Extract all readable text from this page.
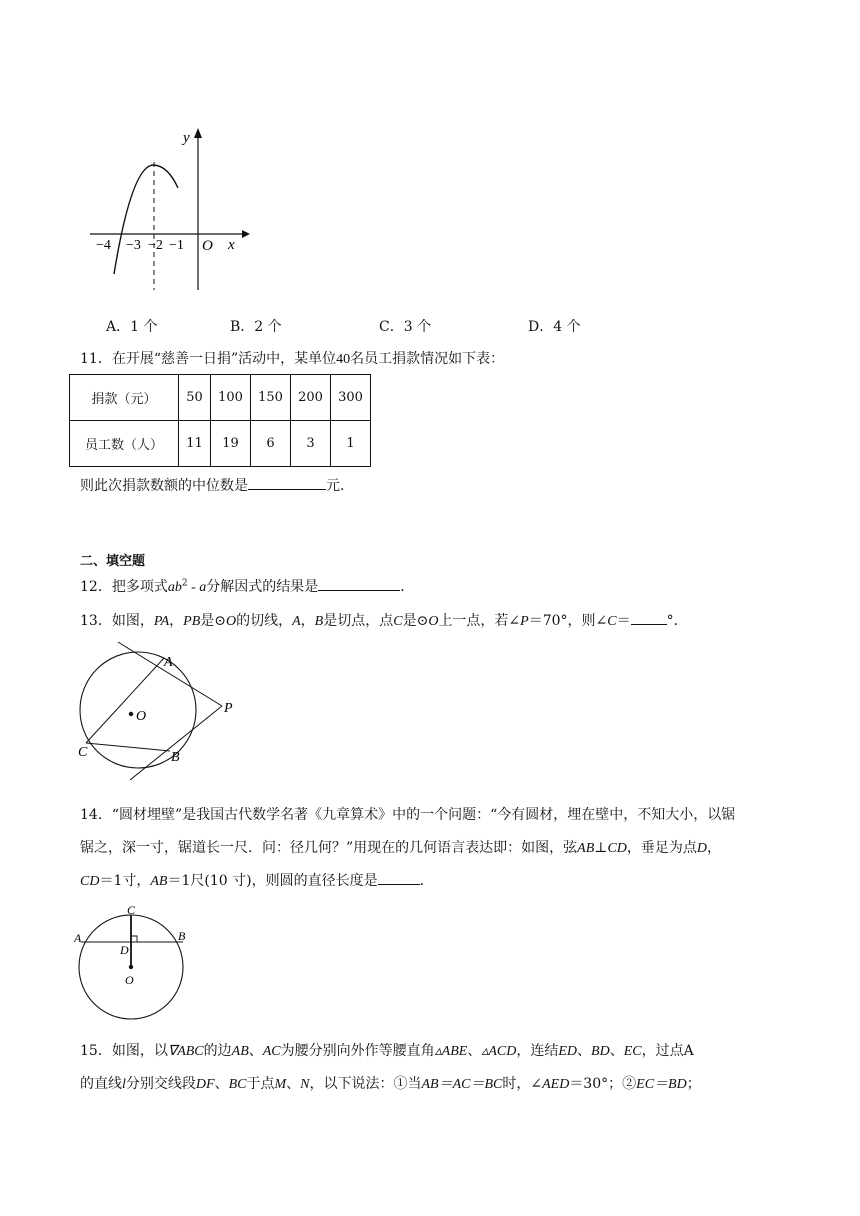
y
x
O
−4 −3 −2 −1
A．1 个	B．2 个	C．3 个	D．4 个
11．在开展“慈善一日捐”活动中，某单位40名员工捐款情况如下表：
捐款（元）	50	100	150	200	300
员工数（人）	11	19	6	3	1
则此次捐款数额的中位数是	元．
二、填空题
12．把多项式$ab^2$ - a分解因式的结果是	．
13．如图，PA，PB是⊙O的切线，A，B是切点，点C是⊙O上一点，若∠P＝70°，则∠C＝	°．
A
P
O
C	B
14．“圆材埋壁”是我国古代数学名著《九章算术》中的一个问题：“今有圆材，埋在壁中，不知大小，以锯
锯之，深一寸，锯道长一尺．问：径几何？”用现在的几何语言表达即：如图，弦AB⊥CD，垂足为点D，
CD＝1寸，AB＝1尺(10 寸)，则圆的直径长度是	．
C
A	B
D
O
15．如图，以∇ABC的边AB、AC为腰分别向外作等腰直角▵ABE、▵ACD，连结ED、BD、EC，过点A
的直线l分别交线段DF、BC于点M、N，以下说法：①当AB＝AC＝BC时，∠AED＝30°；②EC＝BD；
